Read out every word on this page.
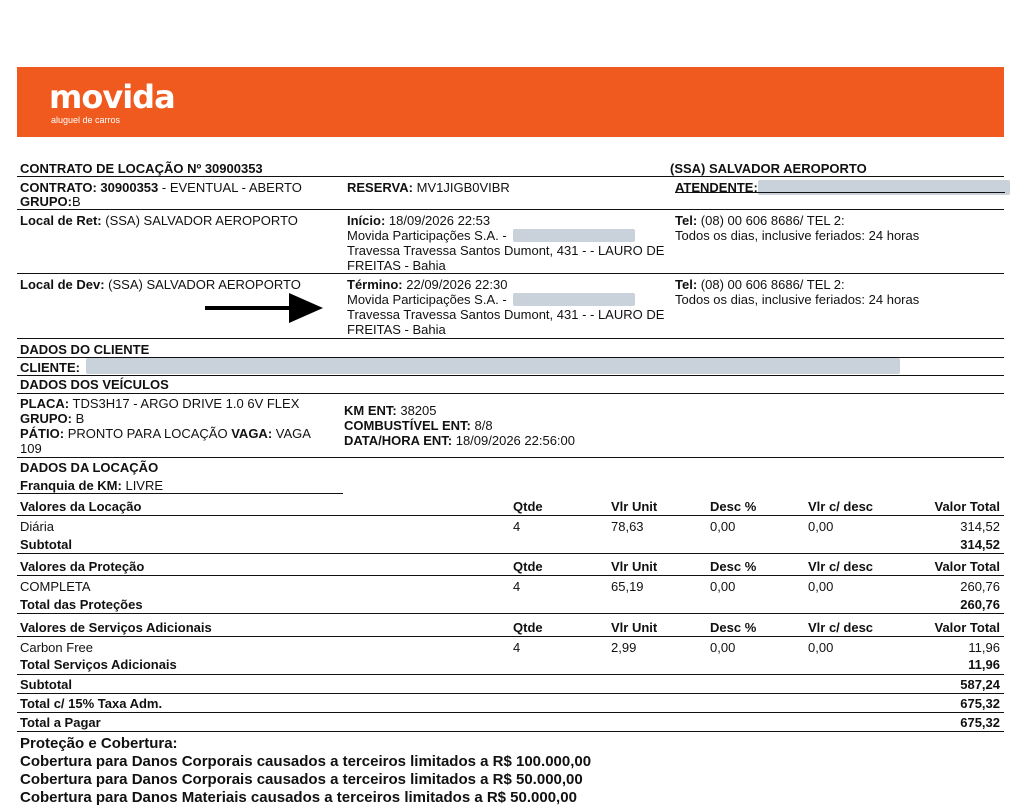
movida
aluguel de carros
CONTRATO DE LOCAÇÃO Nº 30900353	(SSA) SALVADOR AEROPORTO
CONTRATO: 30900353 - EVENTUAL - ABERTO
GRUPO:B
RESERVA: MV1JIGB0VIBR	ATENDENTE:
Local de Ret: (SSA) SALVADOR AEROPORTO	Início: 18/09/2026 22:53
Movida Participações S.A. -
Travessa Travessa Santos Dumont, 431 - - LAURO DE
FREITAS - Bahia
Tel: (08) 00 606 8686/ TEL 2:
Todos os dias, inclusive feriados: 24 horas
Local de Dev: (SSA) SALVADOR AEROPORTO	Término: 22/09/2026 22:30
Movida Participações S.A. -
Travessa Travessa Santos Dumont, 431 - - LAURO DE
FREITAS - Bahia
Tel: (08) 00 606 8686/ TEL 2:
Todos os dias, inclusive feriados: 24 horas
DADOS DO CLIENTE
CLIENTE:
DADOS DOS VEÍCULOS
PLACA: TDS3H17 - ARGO DRIVE 1.0 6V FLEX
GRUPO: B
PÁTIO: PRONTO PARA LOCAÇÃO VAGA: VAGA
109
KM ENT: 38205
COMBUSTÍVEL ENT: 8/8
DATA/HORA ENT: 18/09/2026 22:56:00
DADOS DA LOCAÇÃO
Franquia de KM: LIVRE
Valores da Locação	Qtde	Vlr Unit	Desc %	Vlr c/ desc	Valor Total
Diária	4	78,63	0,00	0,00	314,52
Subtotal	314,52
Valores da Proteção	Qtde	Vlr Unit	Desc %	Vlr c/ desc	Valor Total
COMPLETA	4	65,19	0,00	0,00	260,76
Total das Proteções	260,76
Valores de Serviços Adicionais	Qtde	Vlr Unit	Desc %	Vlr c/ desc	Valor Total
Carbon Free	4	2,99	0,00	0,00	11,96
Total Serviços Adicionais	11,96
Subtotal	587,24
Total c/ 15% Taxa Adm.	675,32
Total a Pagar	675,32
Proteção e Cobertura:
Cobertura para Danos Corporais causados a terceiros limitados a R$ 100.000,00
Cobertura para Danos Corporais causados a terceiros limitados a R$ 50.000,00
Cobertura para Danos Materiais causados a terceiros limitados a R$ 50.000,00
